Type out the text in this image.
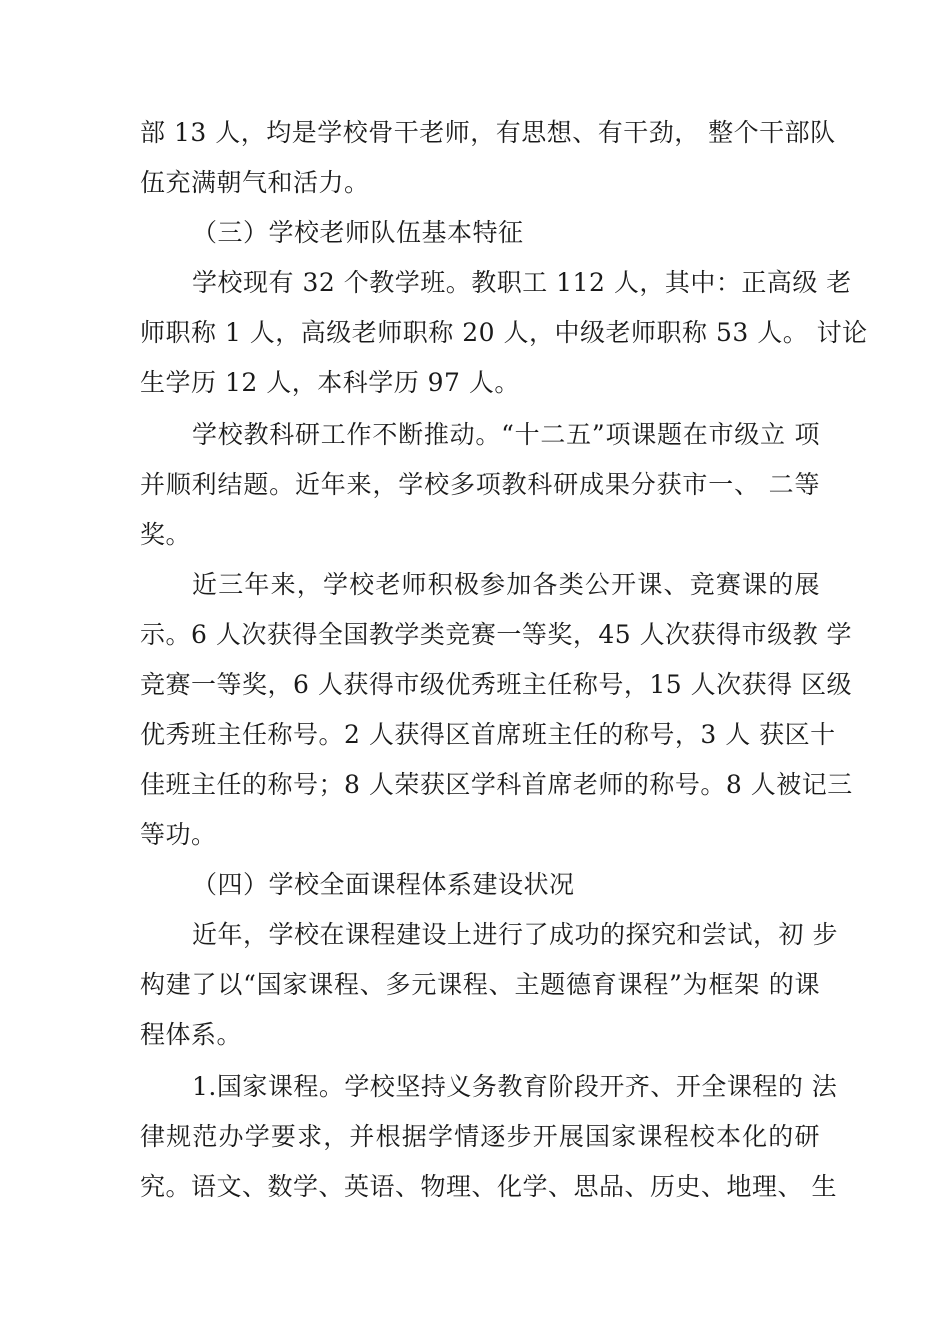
部 13 人，均是学校骨干老师，有思想、有干劲， 整个干部队
伍充满朝气和活力。
（三）学校老师队伍基本特征
学校现有 32 个教学班。教职工 112 人，其中：正高级 老
师职称 1 人，高级老师职称 20 人，中级老师职称 53 人。 讨论
生学历 12 人，本科学历 97 人。
学校教科研工作不断推动。“十二五”项课题在市级立 项
并顺利结题。近年来，学校多项教科研成果分获市一、 二等
奖。
近三年来，学校老师积极参加各类公开课、竞赛课的展
示。6 人次获得全国教学类竞赛一等奖，45 人次获得市级教 学
竞赛一等奖，6 人获得市级优秀班主任称号，15 人次获得 区级
优秀班主任称号。2 人获得区首席班主任的称号，3 人 获区十
佳班主任的称号；8 人荣获区学科首席老师的称号。8 人被记三
等功。
（四）学校全面课程体系建设状况
近年，学校在课程建设上进行了成功的探究和尝试，初 步
构建了以“国家课程、多元课程、主题德育课程”为框架 的课
程体系。
1.国家课程。学校坚持义务教育阶段开齐、开全课程的 法
律规范办学要求，并根据学情逐步开展国家课程校本化的研
究。语文、数学、英语、物理、化学、思品、历史、地理、 生
